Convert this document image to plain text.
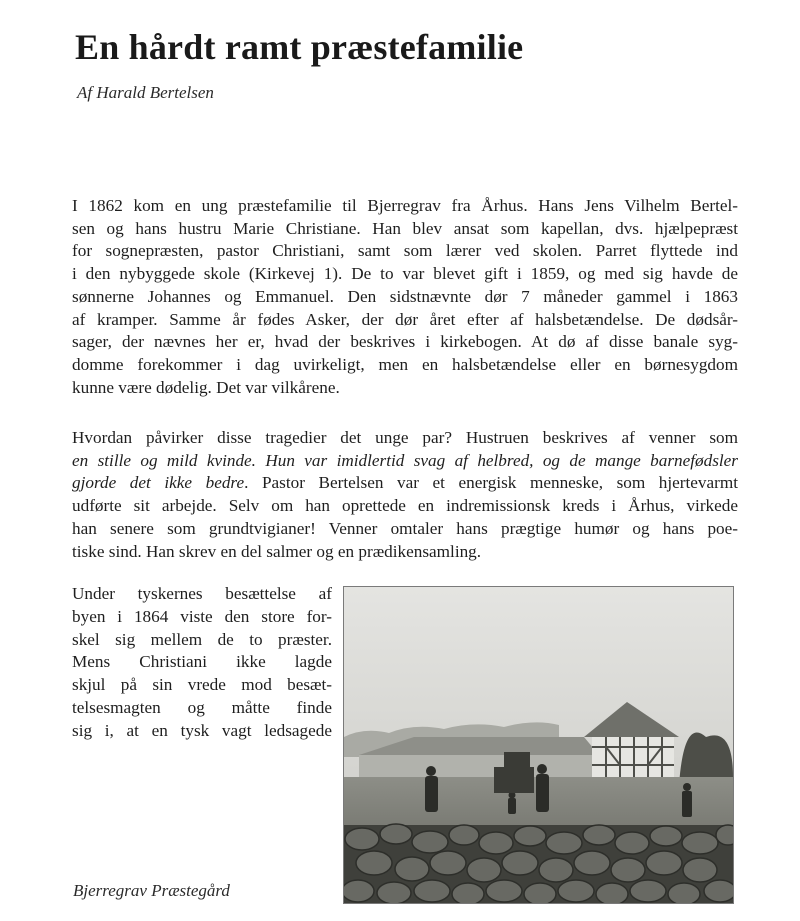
En hårdt ramt præstefamilie

Af Harald Bertelsen

I 1862 kom en ung præstefamilie til Bjerregrav fra Århus. Hans Jens Vilhelm Bertel-
sen og hans hustru Marie Christiane. Han blev ansat som kapellan, dvs. hjælpepræst
for sognepræsten, pastor Christiani, samt som lærer ved skolen. Parret flyttede ind
i den nybyggede skole (Kirkevej 1). De to var blevet gift i 1859, og med sig havde de
sønnerne Johannes og Emmanuel. Den sidstnævnte dør 7 måneder gammel i 1863
af kramper. Samme år fødes Asker, der dør året efter af halsbetændelse. De dødsår-
sager, der nævnes her er, hvad der beskrives i kirkebogen. At dø af disse banale syg-
domme forekommer i dag uvirkeligt, men en halsbetændelse eller en børnesygdom
kunne være dødelig. Det var vilkårene.
Hvordan påvirker disse tragedier det unge par? Hustruen beskrives af venner som
en stille og mild kvinde. Hun var imidlertid svag af helbred, og de mange barnefødsler
gjorde det ikke bedre. Pastor Bertelsen var et energisk menneske, som hjertevarmt
udførte sit arbejde. Selv om han oprettede en indremissionsk kreds i Århus, virkede
han senere som grundtvigianer! Venner omtaler hans prægtige humør og hans poe-
tiske sind. Han skrev en del salmer og en prædikensamling.
Under tyskernes besættelse af
byen i 1864 viste den store for-
skel sig mellem de to præster.
Mens Christiani ikke lagde
skjul på sin vrede mod besæt-
telsesmagten og måtte finde
sig i, at en tysk vagt ledsagede

Bjerregrav Præstegård
